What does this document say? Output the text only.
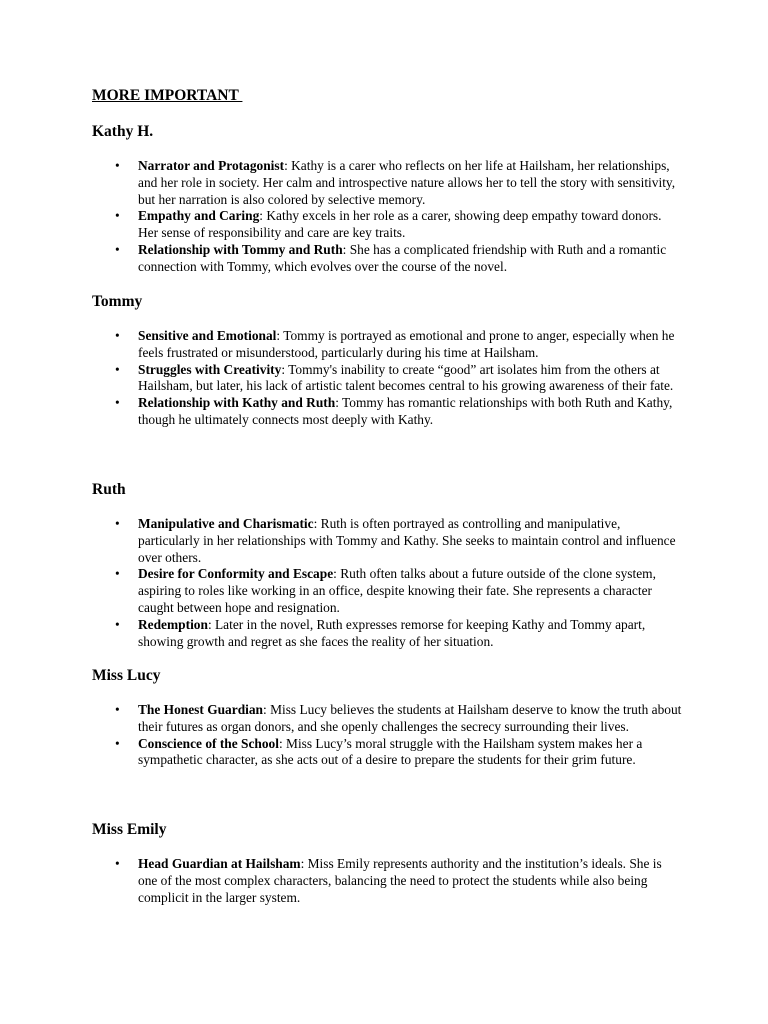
MORE IMPORTANT
Kathy H.
• Narrator and Protagonist: Kathy is a carer who reflects on her life at Hailsham, her relationships, and her role in society. Her calm and introspective nature allows her to tell the story with sensitivity, but her narration is also colored by selective memory.
• Empathy and Caring: Kathy excels in her role as a carer, showing deep empathy toward donors. Her sense of responsibility and care are key traits.
• Relationship with Tommy and Ruth: She has a complicated friendship with Ruth and a romantic connection with Tommy, which evolves over the course of the novel.
Tommy
• Sensitive and Emotional: Tommy is portrayed as emotional and prone to anger, especially when he feels frustrated or misunderstood, particularly during his time at Hailsham.
• Struggles with Creativity: Tommy's inability to create “good” art isolates him from the others at Hailsham, but later, his lack of artistic talent becomes central to his growing awareness of their fate.
• Relationship with Kathy and Ruth: Tommy has romantic relationships with both Ruth and Kathy, though he ultimately connects most deeply with Kathy.
Ruth
• Manipulative and Charismatic: Ruth is often portrayed as controlling and manipulative, particularly in her relationships with Tommy and Kathy. She seeks to maintain control and influence over others.
• Desire for Conformity and Escape: Ruth often talks about a future outside of the clone system, aspiring to roles like working in an office, despite knowing their fate. She represents a character caught between hope and resignation.
• Redemption: Later in the novel, Ruth expresses remorse for keeping Kathy and Tommy apart, showing growth and regret as she faces the reality of her situation.
Miss Lucy
• The Honest Guardian: Miss Lucy believes the students at Hailsham deserve to know the truth about their futures as organ donors, and she openly challenges the secrecy surrounding their lives.
• Conscience of the School: Miss Lucy’s moral struggle with the Hailsham system makes her a sympathetic character, as she acts out of a desire to prepare the students for their grim future.
Miss Emily
• Head Guardian at Hailsham: Miss Emily represents authority and the institution’s ideals. She is one of the most complex characters, balancing the need to protect the students while also being complicit in the larger system.
